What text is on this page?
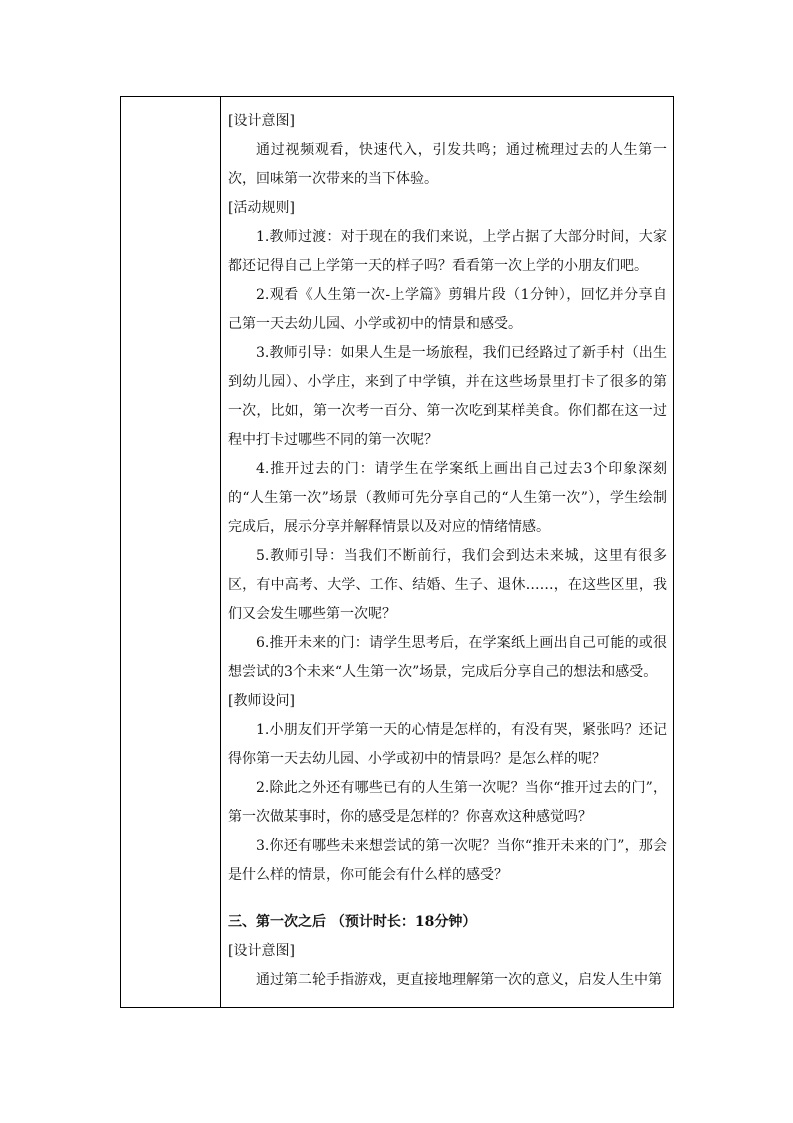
[设计意图]

通过视频观看，快速代入，引发共鸣；通过梳理过去的人生第一次，回味第一次带来的当下体验。

[活动规则]

1.教师过渡：对于现在的我们来说，上学占据了大部分时间，大家都还记得自己上学第一天的样子吗？看看第一次上学的小朋友们吧。

2.观看《人生第一次-上学篇》剪辑片段（1分钟），回忆并分享自己第一天去幼儿园、小学或初中的情景和感受。

3.教师引导：如果人生是一场旅程，我们已经路过了新手村（出生到幼儿园）、小学庄，来到了中学镇，并在这些场景里打卡了很多的第一次，比如，第一次考一百分、第一次吃到某样美食。你们都在这一过程中打卡过哪些不同的第一次呢？

4.推开过去的门：请学生在学案纸上画出自己过去3个印象深刻的“人生第一次”场景（教师可先分享自己的“人生第一次”），学生绘制完成后，展示分享并解释情景以及对应的情绪情感。

5.教师引导：当我们不断前行，我们会到达未来城，这里有很多区，有中高考、大学、工作、结婚、生子、退休……，在这些区里，我们又会发生哪些第一次呢？

6.推开未来的门：请学生思考后，在学案纸上画出自己可能的或很想尝试的3个未来“人生第一次”场景，完成后分享自己的想法和感受。

[教师设问]

1.小朋友们开学第一天的心情是怎样的，有没有哭，紧张吗？还记得你第一天去幼儿园、小学或初中的情景吗？是怎么样的呢？

2.除此之外还有哪些已有的人生第一次呢？当你“推开过去的门”，第一次做某事时，你的感受是怎样的？你喜欢这种感觉吗？

3.你还有哪些未来想尝试的第一次呢？当你“推开未来的门”，那会是什么样的情景，你可能会有什么样的感受？

三、第一次之后 （预计时长：18分钟）

[设计意图]

通过第二轮手指游戏，更直接地理解第一次的意义，启发人生中第
